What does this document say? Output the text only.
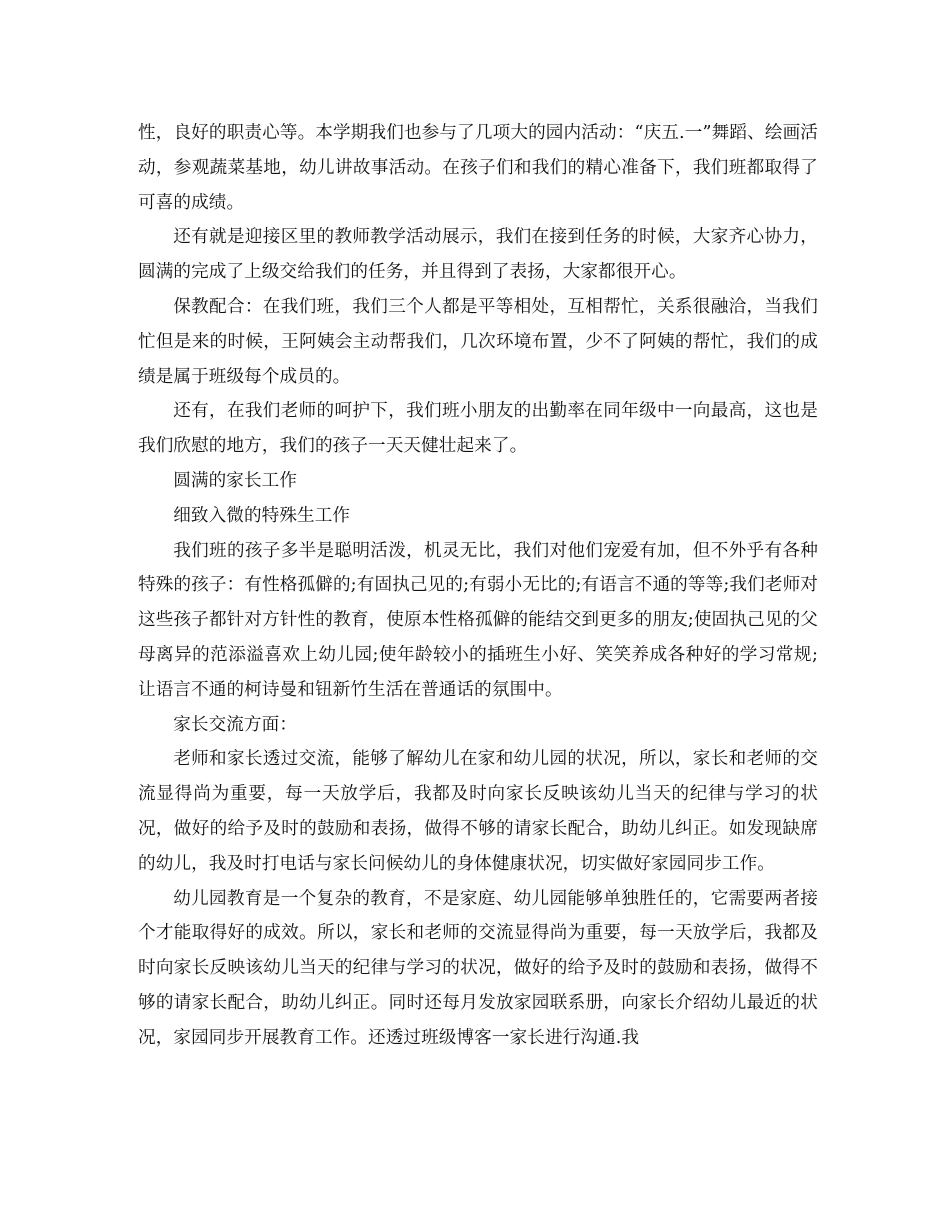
性，良好的职责心等。本学期我们也参与了几项大的园内活动：“庆五.一”舞蹈、绘画活动，参观蔬菜基地，幼儿讲故事活动。在孩子们和我们的精心准备下，我们班都取得了可喜的成绩。

还有就是迎接区里的教师教学活动展示，我们在接到任务的时候，大家齐心协力，圆满的完成了上级交给我们的任务，并且得到了表扬，大家都很开心。

保教配合：在我们班，我们三个人都是平等相处，互相帮忙，关系很融洽，当我们忙但是来的时候，王阿姨会主动帮我们，几次环境布置，少不了阿姨的帮忙，我们的成绩是属于班级每个成员的。

还有，在我们老师的呵护下，我们班小朋友的出勤率在同年级中一向最高，这也是我们欣慰的地方，我们的孩子一天天健壮起来了。

圆满的家长工作

细致入微的特殊生工作

我们班的孩子多半是聪明活泼，机灵无比，我们对他们宠爱有加，但不外乎有各种特殊的孩子：有性格孤僻的;有固执己见的;有弱小无比的;有语言不通的等等;我们老师对这些孩子都针对方针性的教育，使原本性格孤僻的能结交到更多的朋友;使固执己见的父母离异的范添溢喜欢上幼儿园;使年龄较小的插班生小好、笑笑养成各种好的学习常规;让语言不通的柯诗曼和钮新竹生活在普通话的氛围中。

家长交流方面：

老师和家长透过交流，能够了解幼儿在家和幼儿园的状况，所以，家长和老师的交流显得尚为重要，每一天放学后，我都及时向家长反映该幼儿当天的纪律与学习的状况，做好的给予及时的鼓励和表扬，做得不够的请家长配合，助幼儿纠正。如发现缺席的幼儿，我及时打电话与家长问候幼儿的身体健康状况，切实做好家园同步工作。

幼儿园教育是一个复杂的教育，不是家庭、幼儿园能够单独胜任的，它需要两者接个才能取得好的成效。所以，家长和老师的交流显得尚为重要，每一天放学后，我都及时向家长反映该幼儿当天的纪律与学习的状况，做好的给予及时的鼓励和表扬，做得不够的请家长配合，助幼儿纠正。同时还每月发放家园联系册，向家长介绍幼儿最近的状况，家园同步开展教育工作。还透过班级博客一家长进行沟通.我
